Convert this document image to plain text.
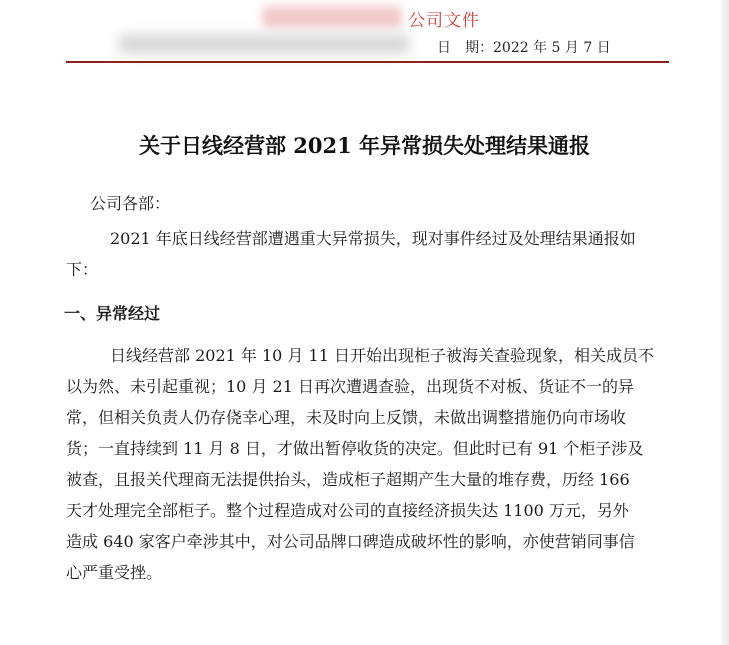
公司文件
日　期：2022 年 5 月 7 日
关于日线经营部 2021 年异常损失处理结果通报
公司各部：
2021 年底日线经营部遭遇重大异常损失，现对事件经过及处理结果通报如
下：
一、异常经过
日线经营部 2021 年 10 月 11 日开始出现柜子被海关查验现象，相关成员不
以为然、未引起重视；10 月 21 日再次遭遇查验，出现货不对板、货证不一的异
常，但相关负责人仍存侥幸心理，未及时向上反馈，未做出调整措施仍向市场收
货；一直持续到 11 月 8 日，才做出暂停收货的决定。但此时已有 91 个柜子涉及
被查，且报关代理商无法提供抬头，造成柜子超期产生大量的堆存费，历经 166
天才处理完全部柜子。整个过程造成对公司的直接经济损失达 1100 万元，另外
造成 640 家客户牵涉其中，对公司品牌口碑造成破坏性的影响，亦使营销同事信
心严重受挫。
